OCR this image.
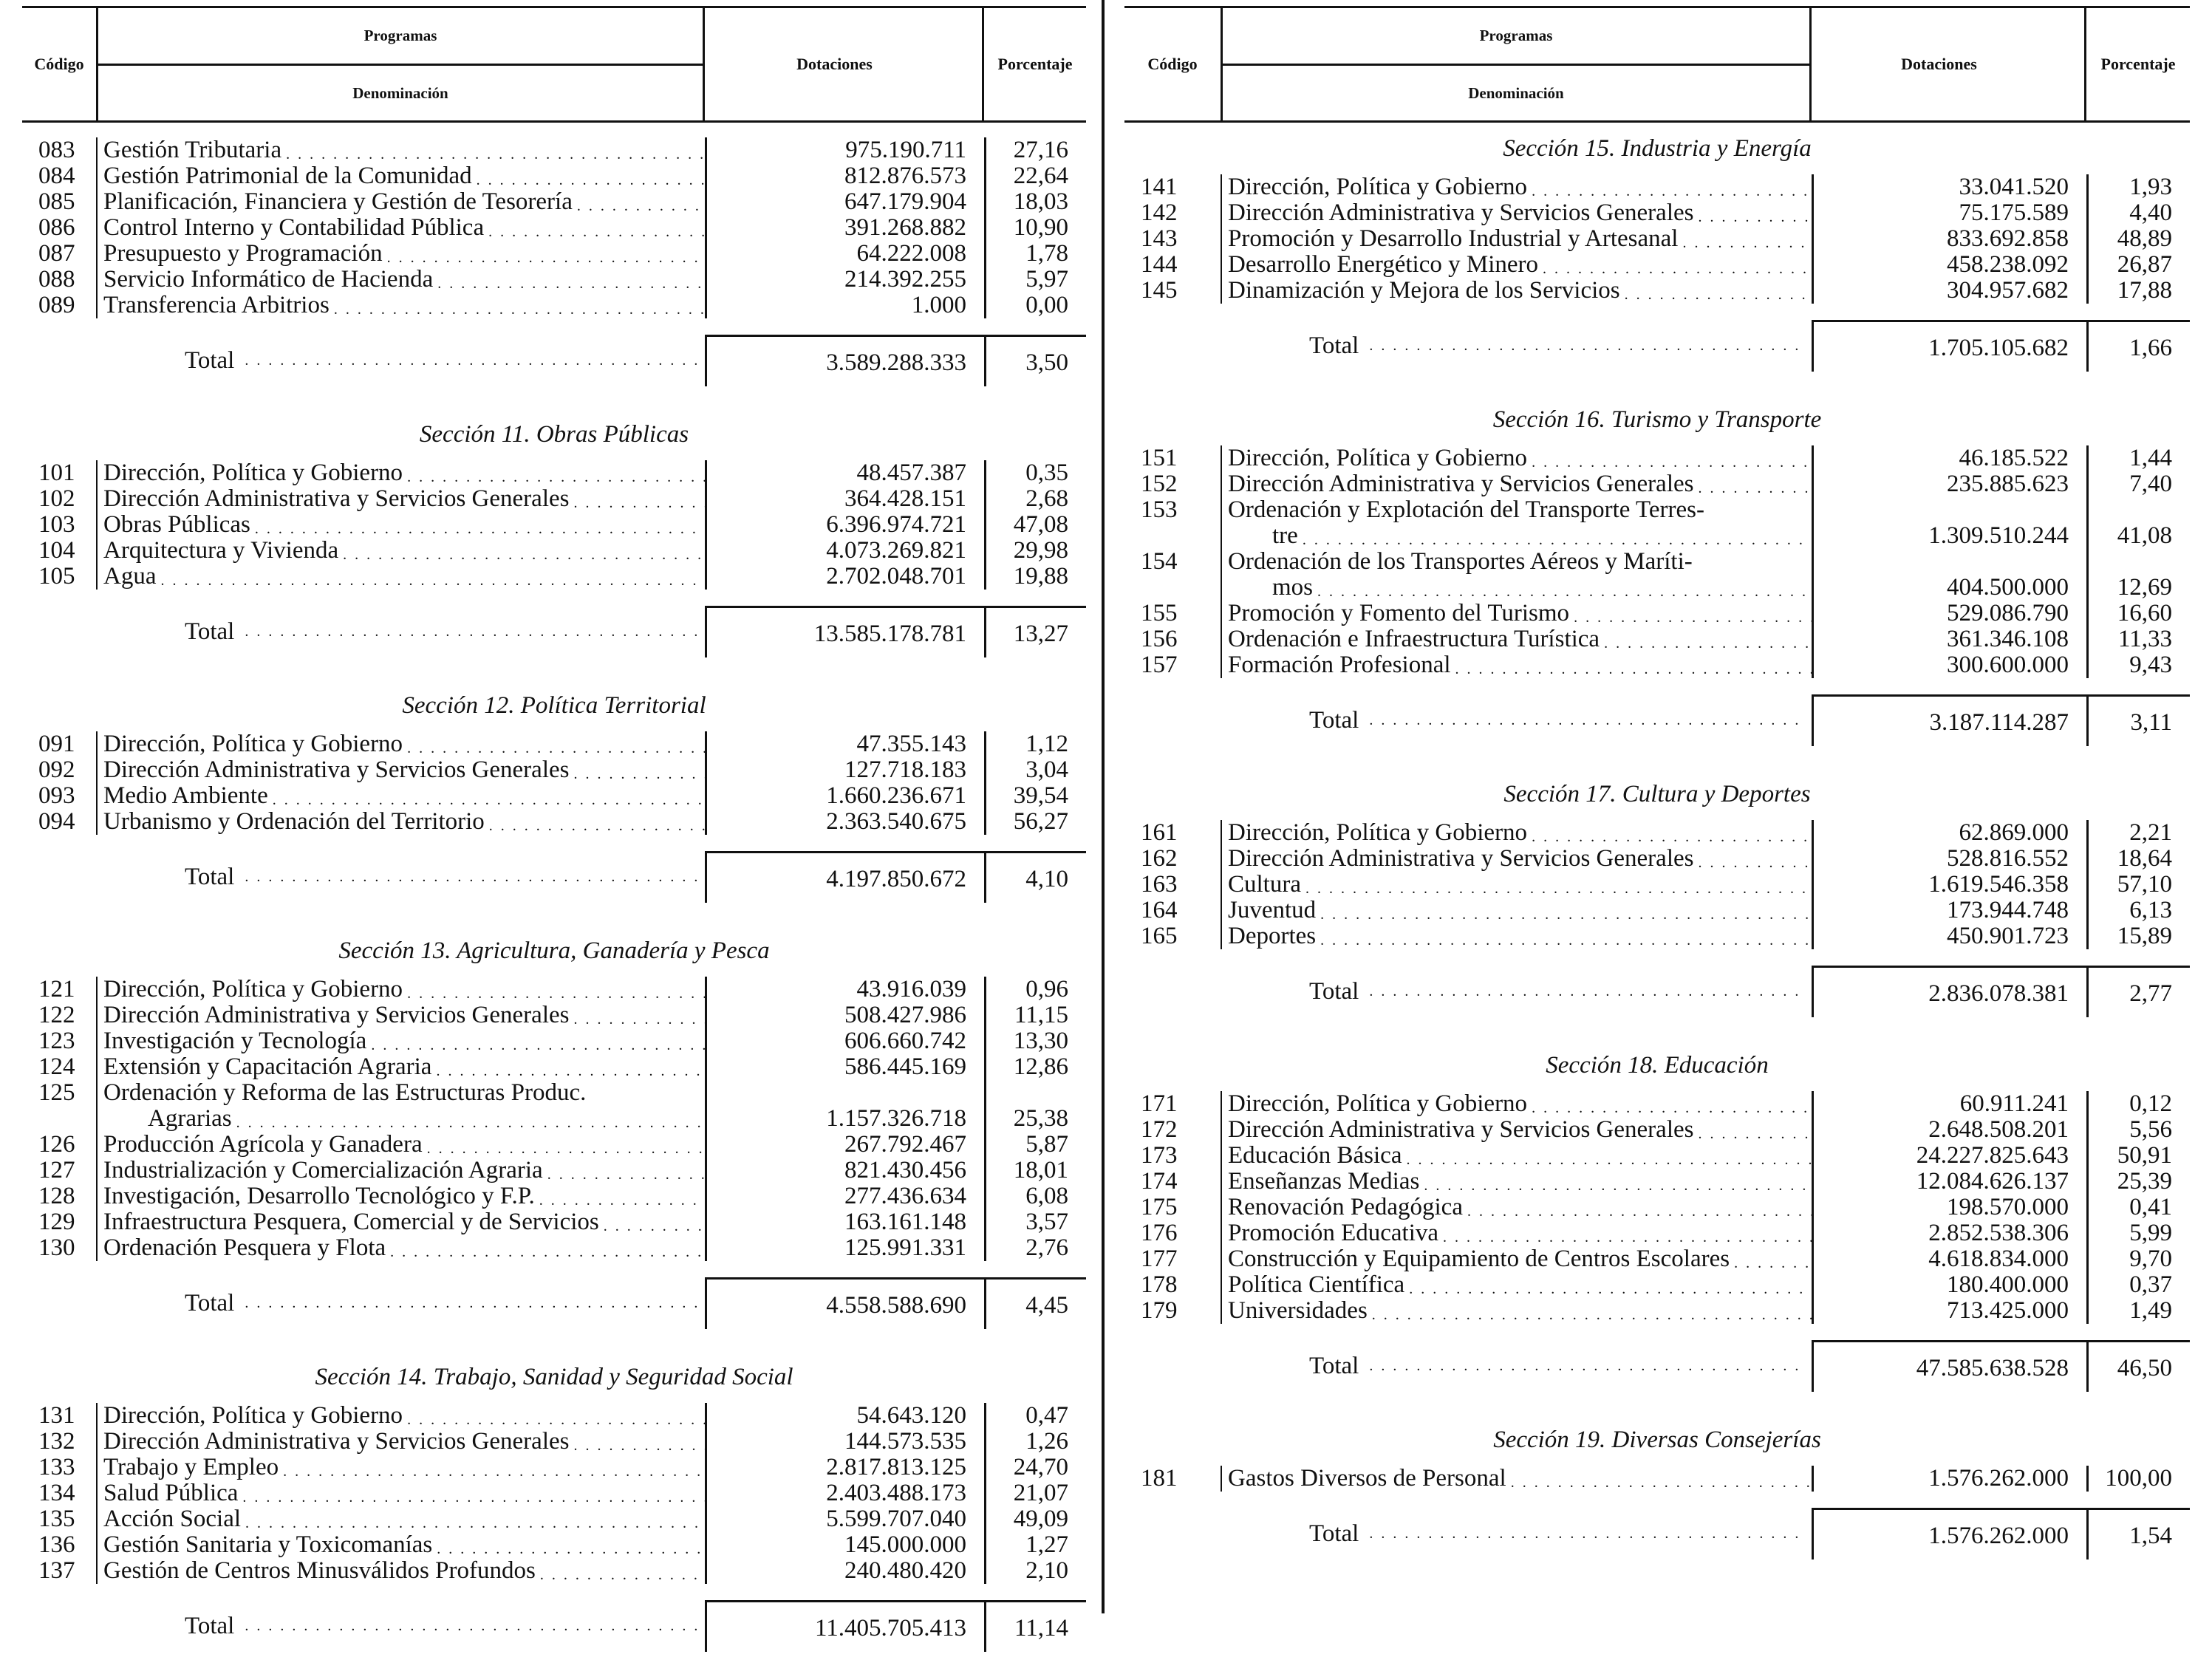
Código
Programas
Denominación
Dotaciones	Porcentaje
083	Gestión Tributaria . . .	975.190.711	27,16
084	Gestión Patrimonial de la Comunidad . . .	812.876.573	22,64
085	Planificación, Financiera y Gestión de Tesorería . . .	647.179.904	18,03
086	Control Interno y Contabilidad Pública . . .	391.268.882	10,90
087	Presupuesto y Programación . . .	64.222.008	1,78
088	Servicio Informático de Hacienda . . .	214.392.255	5,97
089	Transferencia Arbitrios . . .	1.000	0,00
Total . . .	3.589.288.333	3,50
Sección 11. Obras Públicas
101	Dirección, Política y Gobierno . . .	48.457.387	0,35
102	Dirección Administrativa y Servicios Generales . . .	364.428.151	2,68
103	Obras Públicas . . .	6.396.974.721	47,08
104	Arquitectura y Vivienda . . .	4.073.269.821	29,98
105	Agua . . .	2.702.048.701	19,88
Total . . .	13.585.178.781	13,27
Sección 12. Política Territorial
091	Dirección, Política y Gobierno . . .	47.355.143	1,12
092	Dirección Administrativa y Servicios Generales . . .	127.718.183	3,04
093	Medio Ambiente . . .	1.660.236.671	39,54
094	Urbanismo y Ordenación del Territorio . . .	2.363.540.675	56,27
Total . . .	4.197.850.672	4,10
Sección 13. Agricultura, Ganadería y Pesca
121	Dirección, Política y Gobierno . . .	43.916.039	0,96
122	Dirección Administrativa y Servicios Generales . . .	508.427.986	11,15
123	Investigación y Tecnología . . .	606.660.742	13,30
124	Extensión y Capacitación Agraria . . .	586.445.169	12,86
125	Ordenación y Reforma de las Estructuras Produc.
Agrarias . . .	1.157.326.718	25,38
126	Producción Agrícola y Ganadera . . .	267.792.467	5,87
127	Industrialización y Comercialización Agraria . . .	821.430.456	18,01
128	Investigación, Desarrollo Tecnológico y F.P. . . .	277.436.634	6,08
129	Infraestructura Pesquera, Comercial y de Servicios . . .	163.161.148	3,57
130	Ordenación Pesquera y Flota . . .	125.991.331	2,76
Total . . .	4.558.588.690	4,45
Sección 14. Trabajo, Sanidad y Seguridad Social
131	Dirección, Política y Gobierno . . .	54.643.120	0,47
132	Dirección Administrativa y Servicios Generales . . .	144.573.535	1,26
133	Trabajo y Empleo . . .	2.817.813.125	24,70
134	Salud Pública . . .	2.403.488.173	21,07
135	Acción Social . . .	5.599.707.040	49,09
136	Gestión Sanitaria y Toxicomanías . . .	145.000.000	1,27
137	Gestión de Centros Minusválidos Profundos . . .	240.480.420	2,10
Total . . .	11.405.705.413	11,14
Código
Programas
Denominación
Dotaciones	Porcentaje
Sección 15. Industria y Energía
141	Dirección, Política y Gobierno . . .	33.041.520	1,93
142	Dirección Administrativa y Servicios Generales . . .	75.175.589	4,40
143	Promoción y Desarrollo Industrial y Artesanal . . .	833.692.858	48,89
144	Desarrollo Energético y Minero . . .	458.238.092	26,87
145	Dinamización y Mejora de los Servicios . . .	304.957.682	17,88
Total . . .	1.705.105.682	1,66
Sección 16. Turismo y Transporte
151	Dirección, Política y Gobierno . . .	46.185.522	1,44
152	Dirección Administrativa y Servicios Generales . . .	235.885.623	7,40
153	Ordenación y Explotación del Transporte Terres-
tre . . .	1.309.510.244	41,08
154	Ordenación de los Transportes Aéreos y Maríti-
mos . . .	404.500.000	12,69
155	Promoción y Fomento del Turismo . . .	529.086.790	16,60
156	Ordenación e Infraestructura Turística . . .	361.346.108	11,33
157	Formación Profesional . . .	300.600.000	9,43
Total . . .	3.187.114.287	3,11
Sección 17. Cultura y Deportes
161	Dirección, Política y Gobierno . . .	62.869.000	2,21
162	Dirección Administrativa y Servicios Generales . . .	528.816.552	18,64
163	Cultura . . .	1.619.546.358	57,10
164	Juventud . . .	173.944.748	6,13
165	Deportes . . .	450.901.723	15,89
Total . . .	2.836.078.381	2,77
Sección 18. Educación
171	Dirección, Política y Gobierno . . .	60.911.241	0,12
172	Dirección Administrativa y Servicios Generales . . .	2.648.508.201	5,56
173	Educación Básica . . .	24.227.825.643	50,91
174	Enseñanzas Medias . . .	12.084.626.137	25,39
175	Renovación Pedagógica . . .	198.570.000	0,41
176	Promoción Educativa . . .	2.852.538.306	5,99
177	Construcción y Equipamiento de Centros Escolares . . .	4.618.834.000	9,70
178	Política Científica . . .	180.400.000	0,37
179	Universidades . . .	713.425.000	1,49
Total . . .	47.585.638.528	46,50
Sección 19. Diversas Consejerías
181	Gastos Diversos de Personal . . .	1.576.262.000	100,00
Total . . .	1.576.262.000	1,54
